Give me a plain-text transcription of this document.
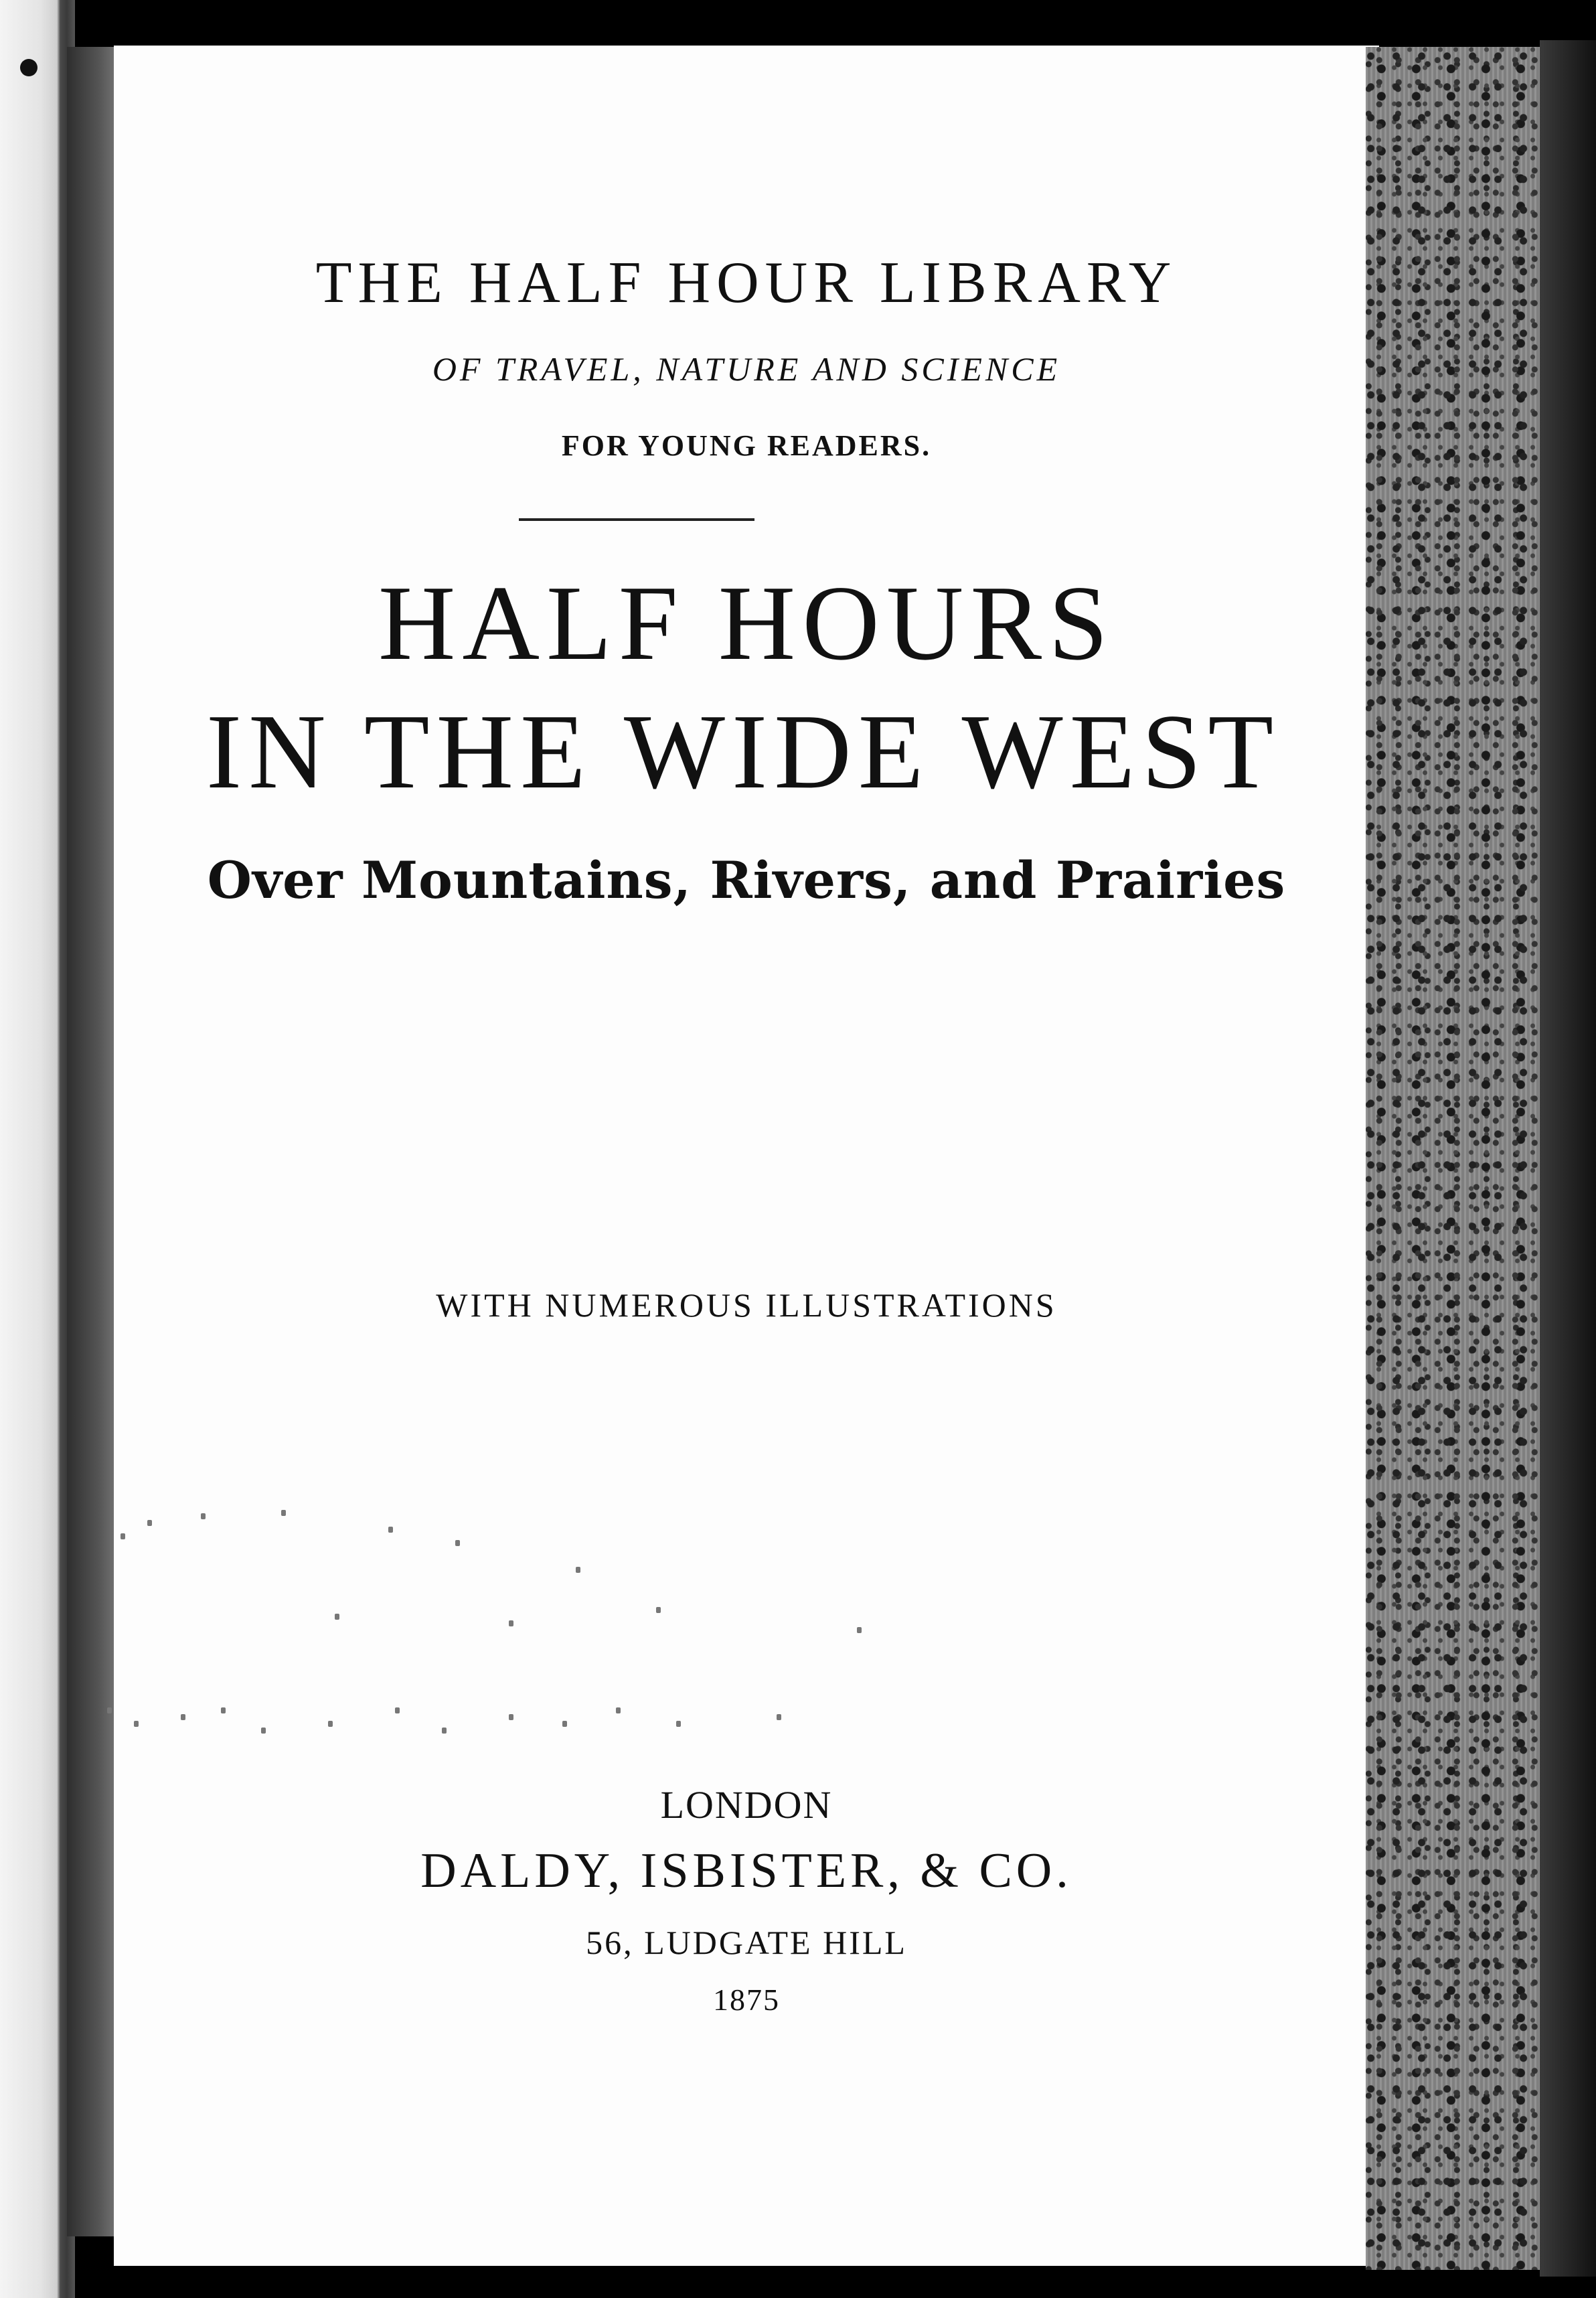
THE HALF HOUR LIBRARY
OF TRAVEL, NATURE AND SCIENCE
FOR YOUNG READERS.
HALF HOURS
IN THE WIDE WEST
Over Mountains, Rivers, and Prairies
WITH NUMEROUS ILLUSTRATIONS
LONDON
DALDY, ISBISTER, & CO.
56, LUDGATE HILL
1875
